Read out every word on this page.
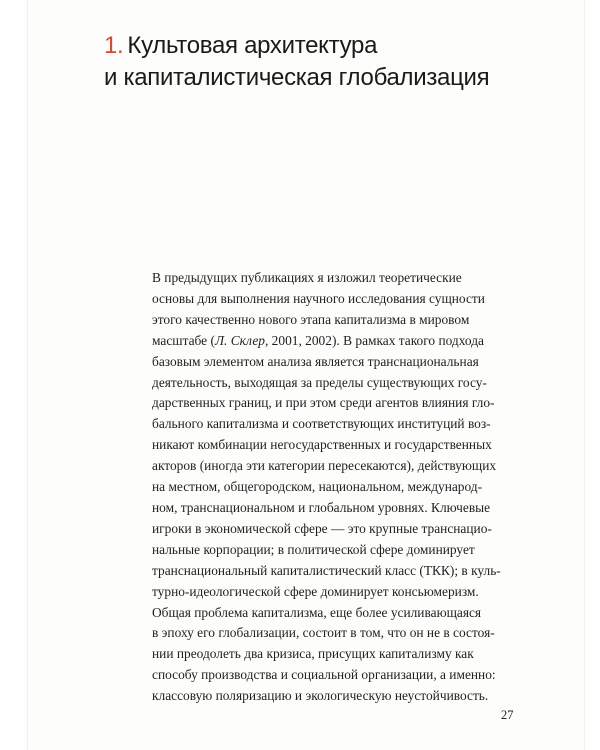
1. Культовая архитектура
и капиталистическая глобализация
В предыдущих публикациях я изложил теоретические
основы для выполнения научного исследования сущности
этого качественно нового этапа капитализма в мировом
масштабе (Л. Склер, 2001, 2002). В рамках такого подхода
базовым элементом анализа является транснациональная
деятельность, выходящая за пределы существующих госу-
дарственных границ, и при этом среди агентов влияния гло-
бального капитализма и соответствующих институций воз-
никают комбинации негосударственных и государственных
акторов (иногда эти категории пересекаются), действующих
на местном, общегородском, национальном, международ-
ном, транснациональном и глобальном уровнях. Ключевые
игроки в экономической сфере — это крупные транснацио-
нальные корпорации; в политической сфере доминирует
транснациональный капиталистический класс (ТКК); в куль-
турно-идеологической сфере доминирует консьюмеризм.
Общая проблема капитализма, еще более усиливающаяся
в эпоху его глобализации, состоит в том, что он не в состоя-
нии преодолеть два кризиса, присущих капитализму как
способу производства и социальной организации, а именно:
классовую поляризацию и экологическую неустойчивость.
27
